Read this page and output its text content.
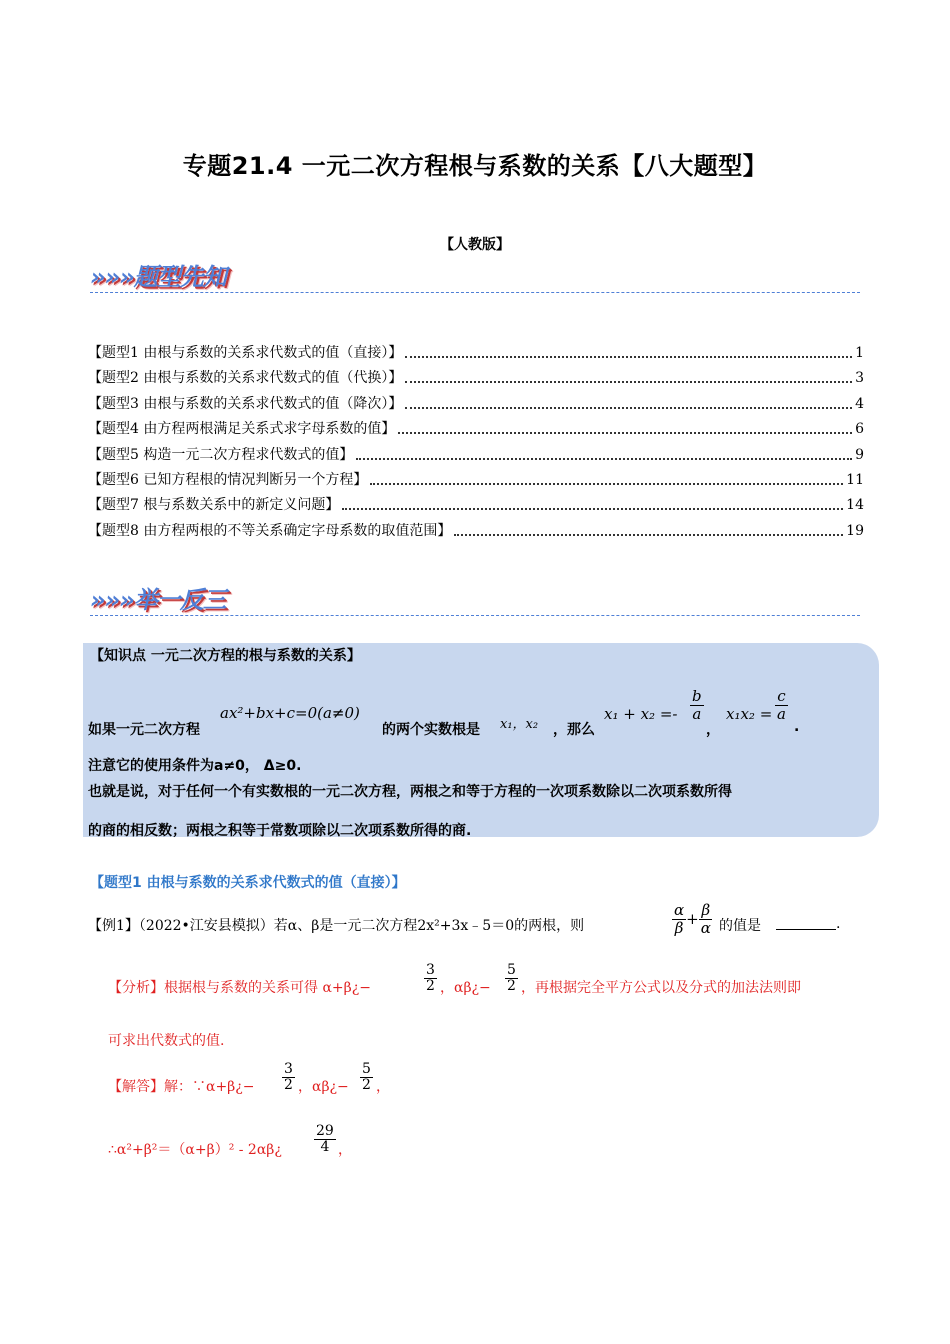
专题21.4 一元二次方程根与系数的关系【八大题型】
【人教版】
»»»题型先知
【题型1 由根与系数的关系求代数式的值（直接）】	1
【题型2 由根与系数的关系求代数式的值（代换）】	3
【题型3 由根与系数的关系求代数式的值（降次）】	4
【题型4 由方程两根满足关系式求字母系数的值】	6
【题型5 构造一元二次方程求代数式的值】	9
【题型6 已知方程根的情况判断另一个方程】	11
【题型7 根与系数关系中的新定义问题】	14
【题型8 由方程两根的不等关系确定字母系数的取值范围】	19
»»»举一反三
【知识点 一元二次方程的根与系数的关系】
如果一元二次方程
ax²+bx+c=0(a≠0)
的两个实数根是 x₁，x₂ ，那么
$x_1 + x_2 =- \frac{b}{a}$
，
$x_1x_2 = \frac{c}{a}$
.
注意它的使用条件为a≠0， Δ≥0.
也就是说，对于任何一个有实数根的一元二次方程，两根之和等于方程的一次项系数除以二次项系数所得
的商的相反数；两根之积等于常数项除以二次项系数所得的商.
【题型1 由根与系数的关系求代数式的值（直接）】
【例1】（2022•江安县模拟）若α、β是一元二次方程2x²+3x﹣5＝0的两根，则	$\frac{\alpha}{\beta} + \frac{\beta}{\alpha}$ 的值是	.
【分析】根据根与系数的关系可得 α+β¿−	$\frac{3}{2}$ ，αβ¿− $\frac{5}{2}$ ，再根据完全平方公式以及分式的加法法则即
可求出代数式的值.
【解答】解：∵α+β¿− $\frac{3}{2}$ ，αβ¿− $\frac{5}{2}$ ，
∴α²+β²＝（α+β）² - 2αβ¿ $\frac{29}{4}$ ，
